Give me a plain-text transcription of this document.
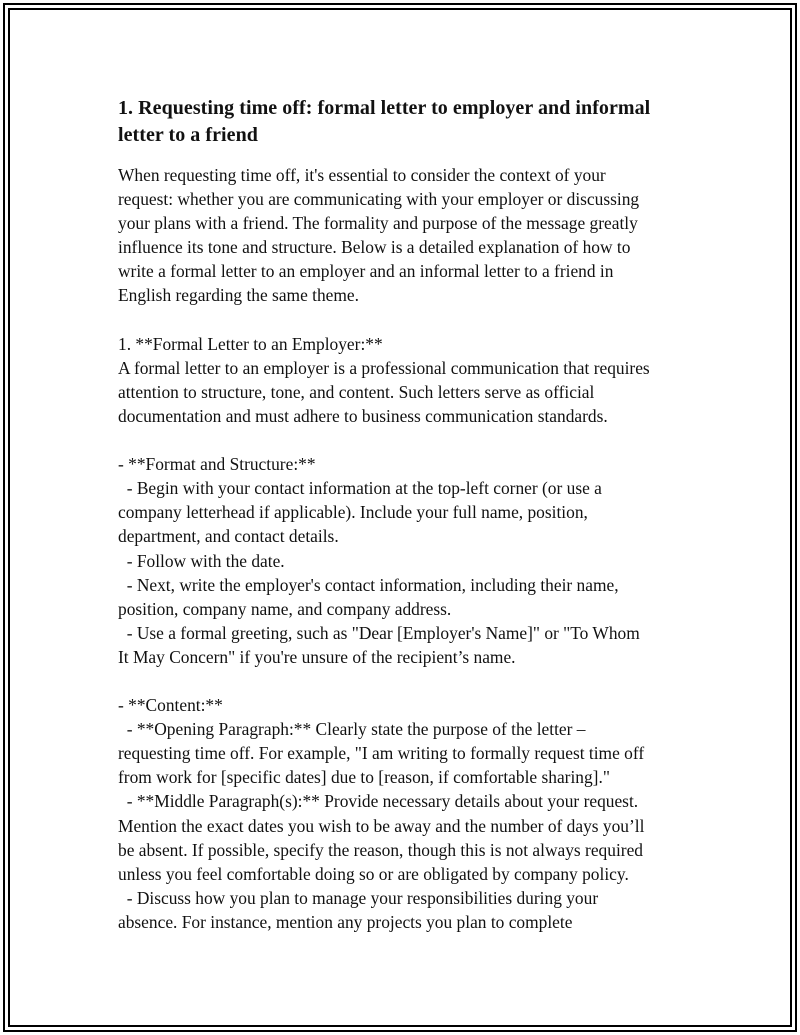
1. Requesting time off: formal letter to employer and informal
letter to a friend
When requesting time off, it's essential to consider the context of your
request: whether you are communicating with your employer or discussing
your plans with a friend. The formality and purpose of the message greatly
influence its tone and structure. Below is a detailed explanation of how to
write a formal letter to an employer and an informal letter to a friend in
English regarding the same theme.
1. **Formal Letter to an Employer:**
A formal letter to an employer is a professional communication that requires
attention to structure, tone, and content. Such letters serve as official
documentation and must adhere to business communication standards.
- **Format and Structure:**
- Begin with your contact information at the top-left corner (or use a
company letterhead if applicable). Include your full name, position,
department, and contact details.
- Follow with the date.
- Next, write the employer's contact information, including their name,
position, company name, and company address.
- Use a formal greeting, such as "Dear [Employer's Name]" or "To Whom
It May Concern" if you're unsure of the recipient’s name.
- **Content:**
- **Opening Paragraph:** Clearly state the purpose of the letter –
requesting time off. For example, "I am writing to formally request time off
from work for [specific dates] due to [reason, if comfortable sharing]."
- **Middle Paragraph(s):** Provide necessary details about your request.
Mention the exact dates you wish to be away and the number of days you’ll
be absent. If possible, specify the reason, though this is not always required
unless you feel comfortable doing so or are obligated by company policy.
- Discuss how you plan to manage your responsibilities during your
absence. For instance, mention any projects you plan to complete
